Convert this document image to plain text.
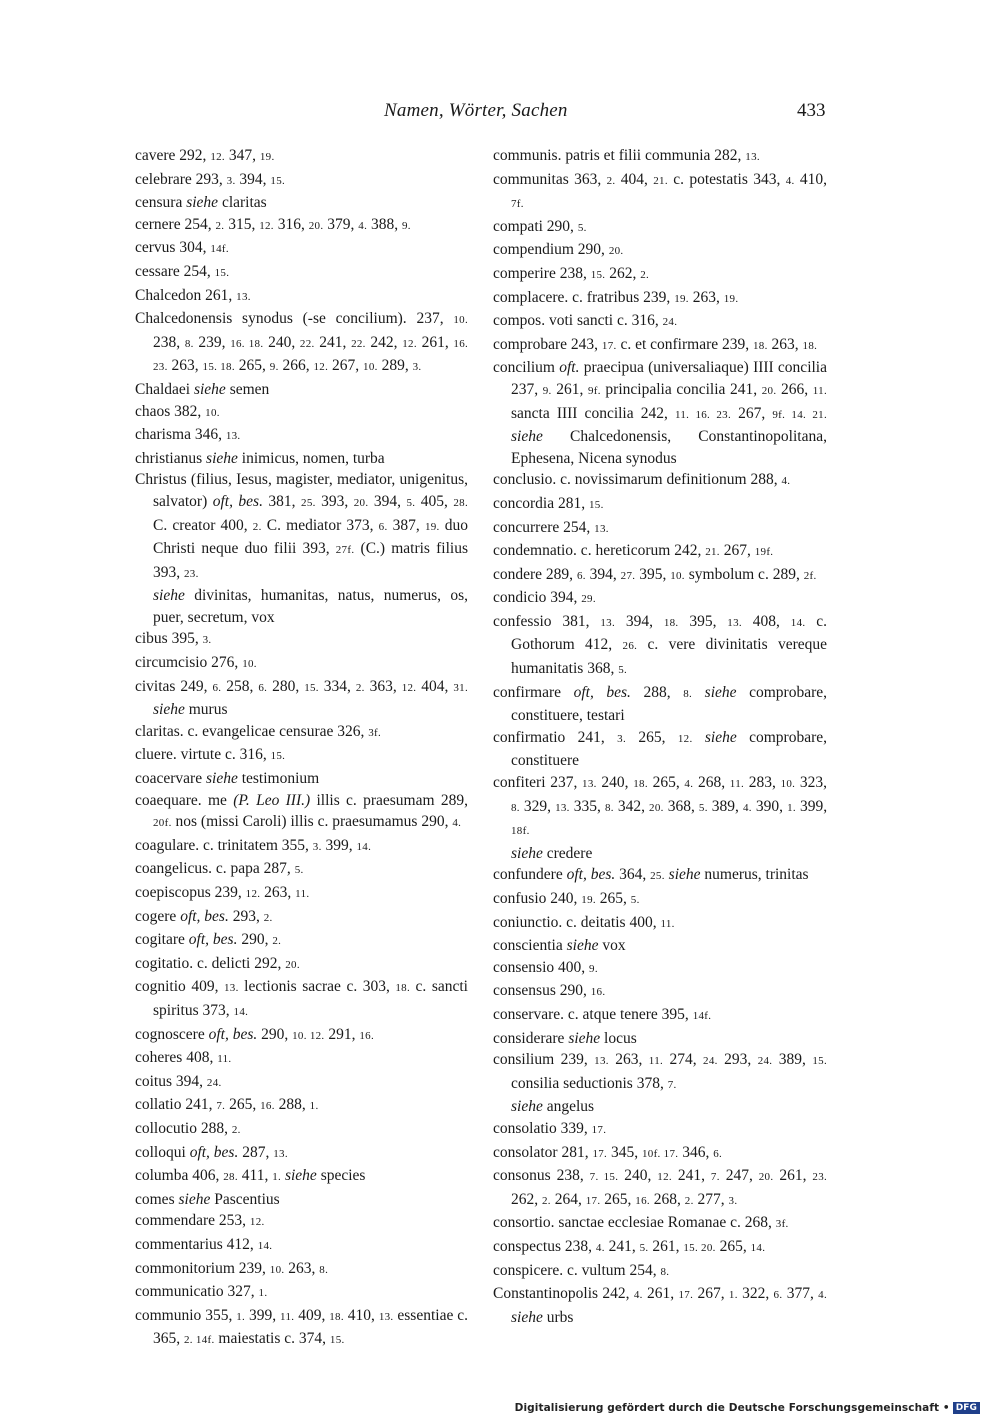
Namen, Wörter, Sachen	433
cavere 292, 12. 347, 19.
celebrare 293, 3. 394, 15.
censura siehe claritas
cernere 254, 2. 315, 12. 316, 20. 379, 4. 388, 9.
cervus 304, 14f.
cessare 254, 15.
Chalcedon 261, 13.
Chalcedonensis synodus (-se concilium). 237, 10. 238, 8. 239, 16. 18. 240, 22. 241, 22. 242, 12. 261, 16. 23. 263, 15. 18. 265, 9. 266, 12. 267, 10. 289, 3.
Chaldaei siehe semen
chaos 382, 10.
charisma 346, 13.
christianus siehe inimicus, nomen, turba
Christus (filius, Iesus, magister, mediator, unigenitus, salvator) oft, bes. 381, 25. 393, 20. 394, 5. 405, 28. C. creator 400, 2. C. mediator 373, 6. 387, 19. duo Christi neque duo filii 393, 27f. (C.) matris filius 393, 23.
siehe divinitas, humanitas, natus, numerus, os, puer, secretum, vox
cibus 395, 3.
circumcisio 276, 10.
civitas 249, 6. 258, 6. 280, 15. 334, 2. 363, 12. 404, 31. siehe murus
claritas. c. evangelicae censurae 326, 3f.
cluere. virtute c. 316, 15.
coacervare siehe testimonium
coaequare. me (P. Leo III.) illis c. praesumam 289, 20f. nos (missi Caroli) illis c. praesumamus 290, 4.
coagulare. c. trinitatem 355, 3. 399, 14.
coangelicus. c. papa 287, 5.
coepiscopus 239, 12. 263, 11.
cogere oft, bes. 293, 2.
cogitare oft, bes. 290, 2.
cogitatio. c. delicti 292, 20.
cognitio 409, 13. lectionis sacrae c. 303, 18. c. sancti spiritus 373, 14.
cognoscere oft, bes. 290, 10. 12. 291, 16.
coheres 408, 11.
coitus 394, 24.
collatio 241, 7. 265, 16. 288, 1.
collocutio 288, 2.
colloqui oft, bes. 287, 13.
columba 406, 28. 411, 1. siehe species
comes siehe Pascentius
commendare 253, 12.
commentarius 412, 14.
commonitorium 239, 10. 263, 8.
communicatio 327, 1.
communio 355, 1. 399, 11. 409, 18. 410, 13. essentiae c. 365, 2. 14f. maiestatis c. 374, 15.
communis. patris et filii communia 282, 13.
communitas 363, 2. 404, 21. c. potestatis 343, 4. 410, 7f.
compati 290, 5.
compendium 290, 20.
comperire 238, 15. 262, 2.
complacere. c. fratribus 239, 19. 263, 19.
compos. voti sancti c. 316, 24.
comprobare 243, 17. c. et confirmare 239, 18. 263, 18.
concilium oft. praecipua (universaliaque) IIII concilia 237, 9. 261, 9f. principalia concilia 241, 20. 266, 11. sancta IIII concilia 242, 11. 16. 23. 267, 9f. 14. 21. siehe Chalcedonensis, Constantinopolitana, Ephesena, Nicena synodus
conclusio. c. novissimarum definitionum 288, 4.
concordia 281, 15.
concurrere 254, 13.
condemnatio. c. hereticorum 242, 21. 267, 19f.
condere 289, 6. 394, 27. 395, 10. symbolum c. 289, 2f.
condicio 394, 29.
confessio 381, 13. 394, 18. 395, 13. 408, 14. c. Gothorum 412, 26. c. vere divinitatis vereque humanitatis 368, 5.
confirmare oft, bes. 288, 8. siehe comprobare, constituere, testari
confirmatio 241, 3. 265, 12. siehe comprobare, constituere
confiteri 237, 13. 240, 18. 265, 4. 268, 11. 283, 10. 323, 8. 329, 13. 335, 8. 342, 20. 368, 5. 389, 4. 390, 1. 399, 18f.
siehe credere
confundere oft, bes. 364, 25. siehe numerus, trinitas
confusio 240, 19. 265, 5.
coniunctio. c. deitatis 400, 11.
conscientia siehe vox
consensio 400, 9.
consensus 290, 16.
conservare. c. atque tenere 395, 14f.
considerare siehe locus
consilium 239, 13. 263, 11. 274, 24. 293, 24. 389, 15. consilia seductionis 378, 7.
siehe angelus
consolatio 339, 17.
consolator 281, 17. 345, 10f. 17. 346, 6.
consonus 238, 7. 15. 240, 12. 241, 7. 247, 20. 261, 23. 262, 2. 264, 17. 265, 16. 268, 2. 277, 3.
consortio. sanctae ecclesiae Romanae c. 268, 3f.
conspectus 238, 4. 241, 5. 261, 15. 20. 265, 14.
conspicere. c. vultum 254, 8.
Constantinopolis 242, 4. 261, 17. 267, 1. 322, 6. 377, 4. siehe urbs
Digitalisierung gefördert durch die Deutsche Forschungsgemeinschaft • DFG
